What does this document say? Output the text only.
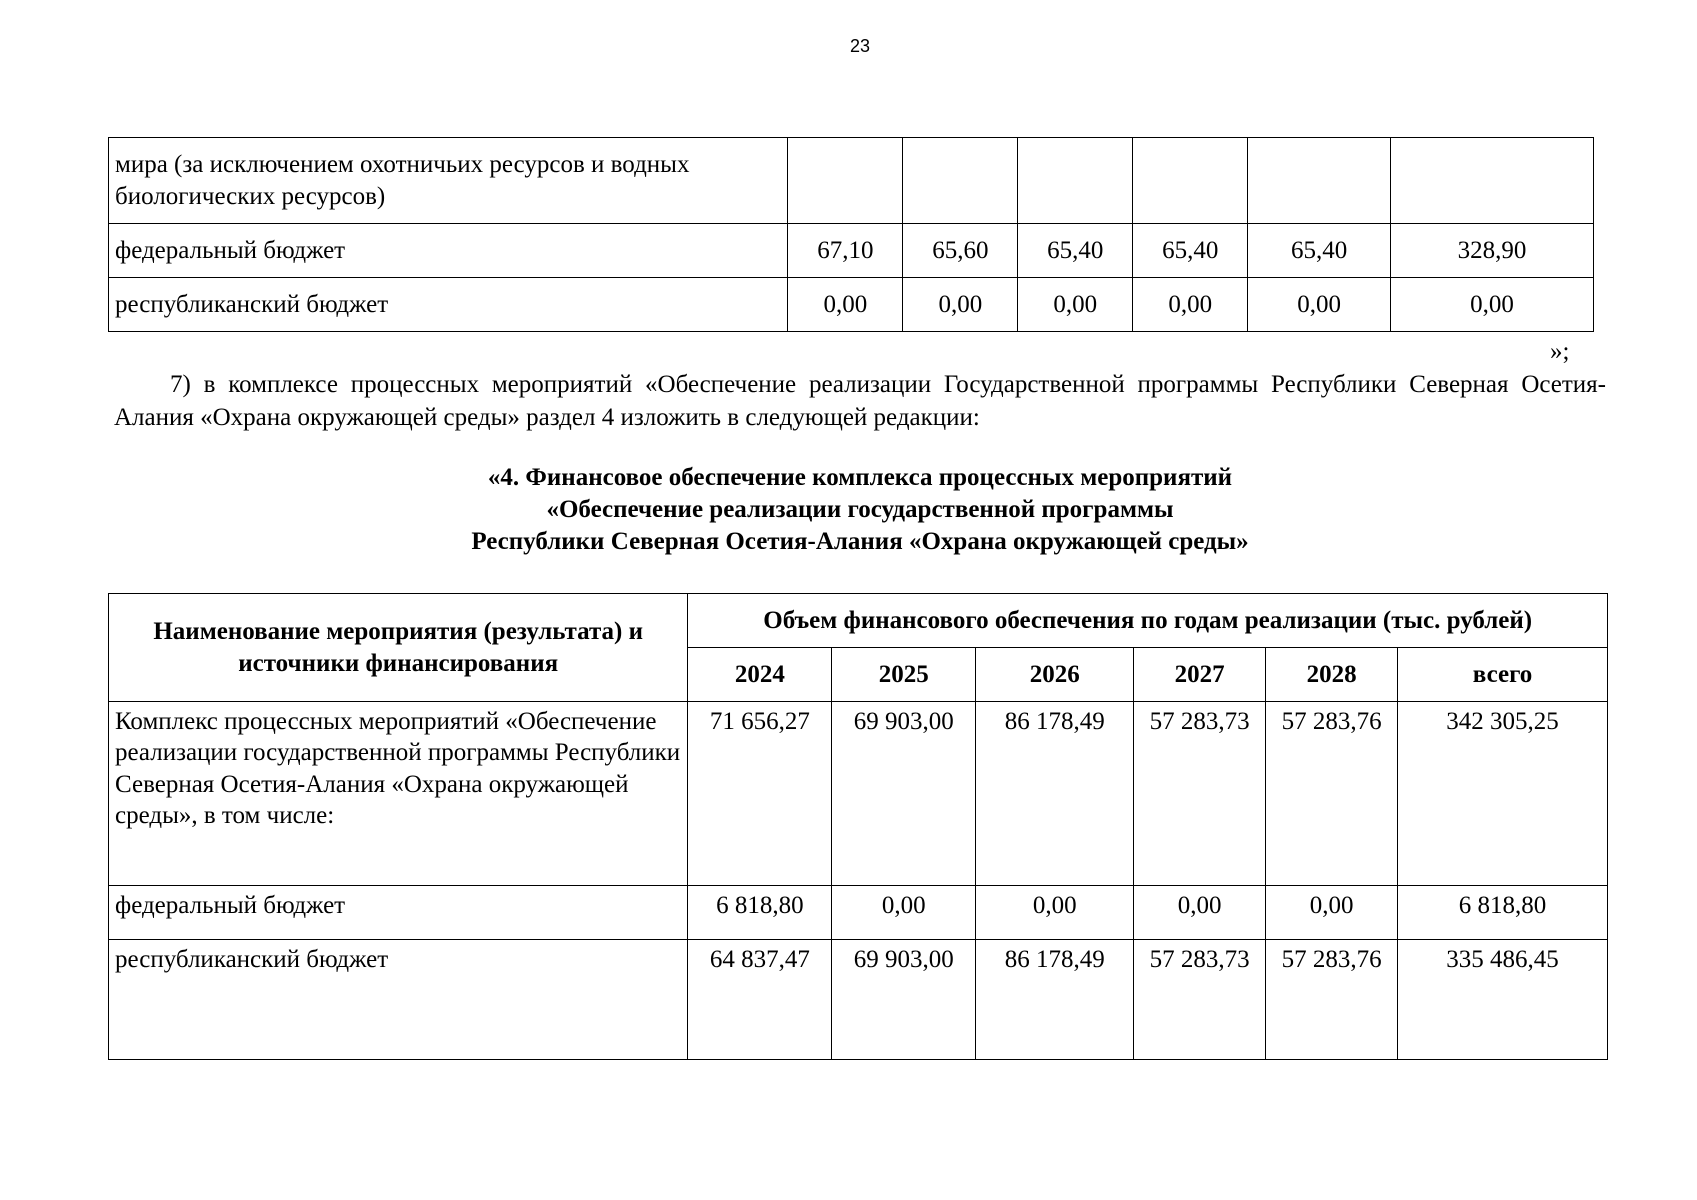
23
мира (за исключением охотничьих ресурсов и водных биологических ресурсов)						
федеральный бюджет	67,10	65,60	65,40	65,40	65,40	328,90
республиканский бюджет	0,00	0,00	0,00	0,00	0,00	0,00
»;

7) в комплексе процессных мероприятий «Обеспечение реализации Государственной программы Республики Северная Осетия-Алания «Охрана окружающей среды» раздел 4 изложить в следующей редакции:

«4. Финансовое обеспечение комплекса процессных мероприятий
«Обеспечение реализации государственной программы
Республики Северная Осетия-Алания «Охрана окружающей среды»
Наименование мероприятия (результата) и источники финансирования	Объем финансового обеспечения по годам реализации (тыс. рублей)					
	2024	2025	2026	2027	2028	всего
Комплекс процессных мероприятий «Обеспечение реализации государственной программы Республики Северная Осетия-Алания «Охрана окружающей среды», в том числе:	71 656,27	69 903,00	86 178,49	57 283,73	57 283,76	342 305,25
федеральный бюджет	6 818,80	0,00	0,00	0,00	0,00	6 818,80
республиканский бюджет	64 837,47	69 903,00	86 178,49	57 283,73	57 283,76	335 486,45
